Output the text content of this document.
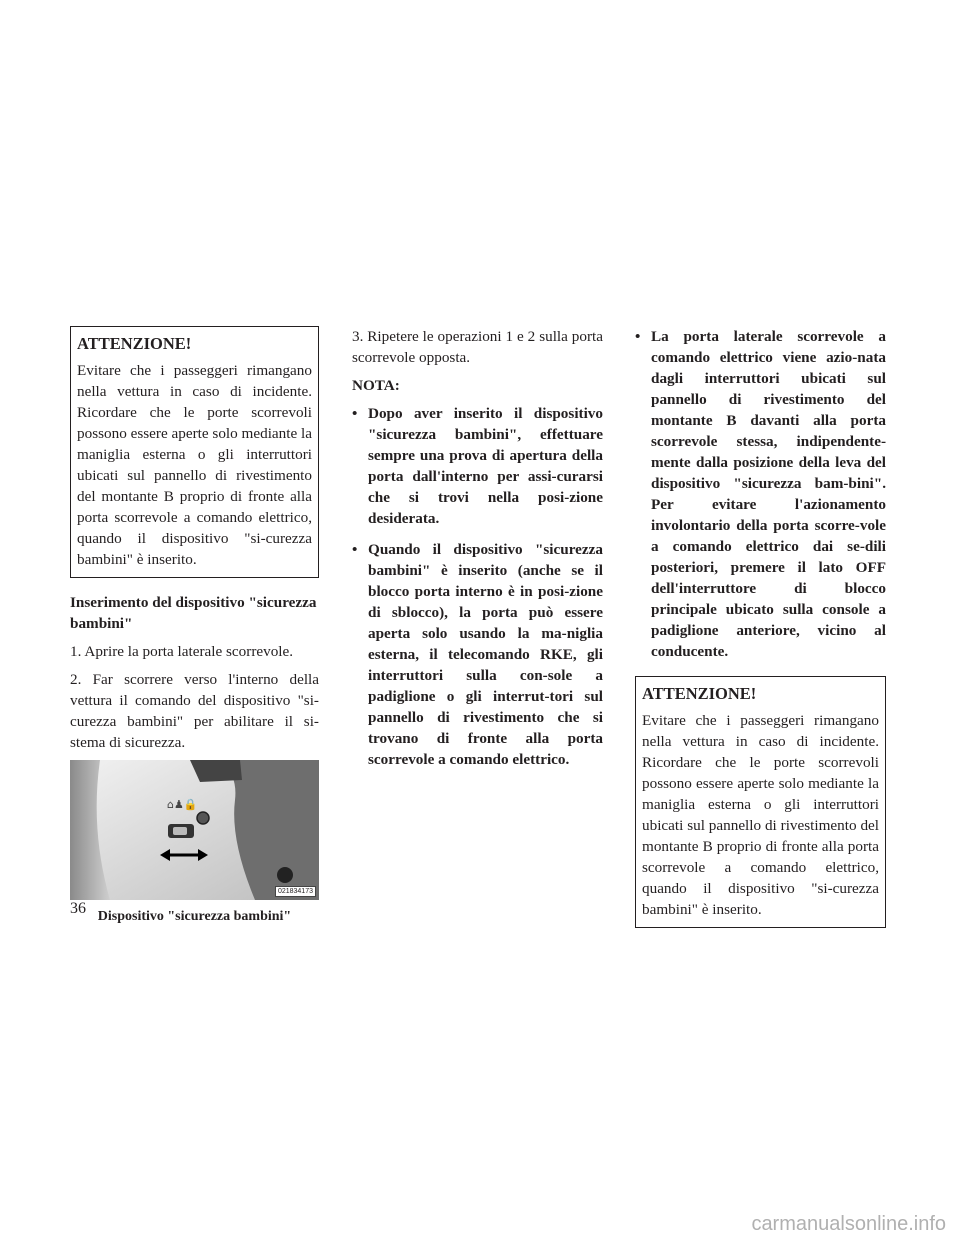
ATTENZIONE!

Evitare che i passeggeri rimangano nella vettura in caso di incidente. Ricordare che le porte scorrevoli possono essere aperte solo mediante la maniglia esterna o gli interruttori ubicati sul pannello di rivestimento del montante B proprio di fronte alla porta scorrevole a comando elettrico, quando il dispositivo "si-curezza bambini" è inserito.

Inserimento del dispositivo "sicurezza bambini"

1. Aprire la porta laterale scorrevole.

2. Far scorrere verso l'interno della vettura il comando del dispositivo "si-curezza bambini" per abilitare il si-stema di sicurezza.

⌂♟🔒
021834173

Dispositivo "sicurezza bambini"

3. Ripetere le operazioni 1 e 2 sulla porta scorrevole opposta.

NOTA:

• Dopo aver inserito il dispositivo "sicurezza bambini", effettuare sempre una prova di apertura della porta dall'interno per assi-curarsi che si trovi nella posi-zione desiderata.
• Quando il dispositivo "sicurezza bambini" è inserito (anche se il blocco porta interno è in posi-zione di sblocco), la porta può essere aperta solo usando la ma-niglia esterna, il telecomando RKE, gli interruttori sulla con-sole a padiglione o gli interrut-tori sul pannello di rivestimento che si trovano di fronte alla porta scorrevole a comando elettrico.
• La porta laterale scorrevole a comando elettrico viene azio-nata dagli interruttori ubicati sul pannello di rivestimento del montante B davanti alla porta scorrevole stessa, indipendente-mente dalla posizione della leva del dispositivo "sicurezza bam-bini". Per evitare l'azionamento involontario della porta scorre-vole a comando elettrico dai se-dili posteriori, premere il lato OFF dell'interruttore di blocco principale ubicato sulla console a padiglione anteriore, vicino al conducente.

ATTENZIONE!

Evitare che i passeggeri rimangano nella vettura in caso di incidente. Ricordare che le porte scorrevoli possono essere aperte solo mediante la maniglia esterna o gli interruttori ubicati sul pannello di rivestimento del montante B proprio di fronte alla porta scorrevole a comando elettrico, quando il dispositivo "si-curezza bambini" è inserito.

36
carmanualsonline.info
